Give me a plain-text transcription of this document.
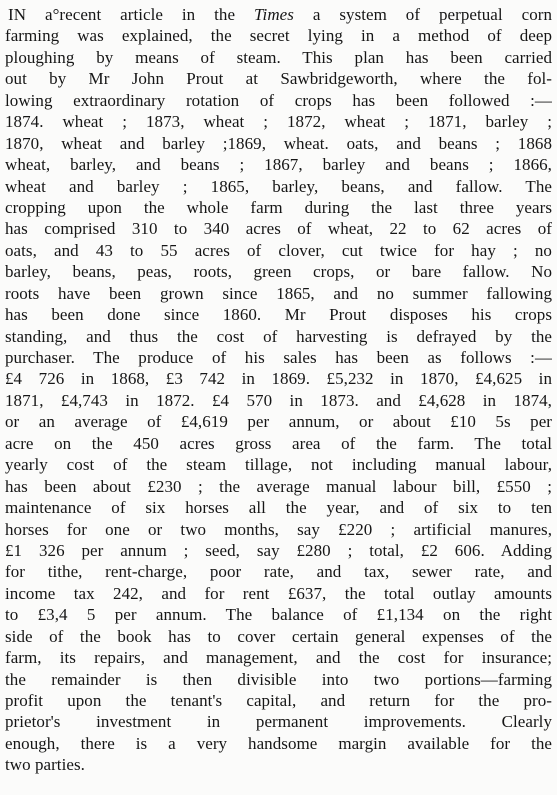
IN a°recent article in the Times a system of perpetual corn
farming was explained, the secret lying in a method of deep
ploughing by means of steam. This plan has been carried
out by Mr John Prout at Sawbridgeworth, where the fol-
lowing extraordinary rotation of crops has been followed :—
1874. wheat ; 1873, wheat ; 1872, wheat ; 1871, barley ;
1870, wheat and barley ;‌1869, wheat. oats, and beans ; 1868
wheat, barley, and beans ; 1867, barley and beans ; 1866,
wheat and barley ; 1865, barley, beans, and fallow. The
cropping upon the whole farm during the last three years
has comprised 310 to 340 acres of wheat, 22 to 62 acres of
oats, and 43 to 55 acres of clover, cut twice for hay ; no
barley, beans, peas, roots, green crops, or bare fallow. No
roots have been grown since 1865, and no summer fallowing
has been done since 1860. Mr Prout disposes his crops
standing, and thus the cost of harvesting is defrayed by the
purchaser. The produce of his sales has been as follows :—
£4 726 in 1868, £3 742 in 1869. £5,232 in 1870, £4,625 in
1871, £4,743 in 1872. £4 570 in 1873. and £4,628 in 1874,
or an average of £4,619 per annum, or about £10 5s per
acre on the 450 acres gross area of the farm. The total
yearly cost of the steam tillage, not including manual labour,
has been about £230 ; the average manual labour bill, £550 ;
maintenance of six horses all the year, and of six to ten
horses for one or two months, say £220 ; artificial manures,
£1 326 per annum ; seed, say £280 ; total, £2 606. Adding
for tithe, rent-charge, poor rate, and tax, sewer rate, and
income tax 242, and for rent £637, the total outlay amounts
to £3,4 5 per annum. The balance of £1,134 on the right
side of the book has to cover certain general expenses of the
farm, its repairs, and management, and the cost for insurance;
the remainder is then divisible into two portions—farming
profit upon the tenant's capital, and return for the pro-
prietor's investment in permanent improvements. Clearly
enough, there is a very handsome margin available for the
two parties.
